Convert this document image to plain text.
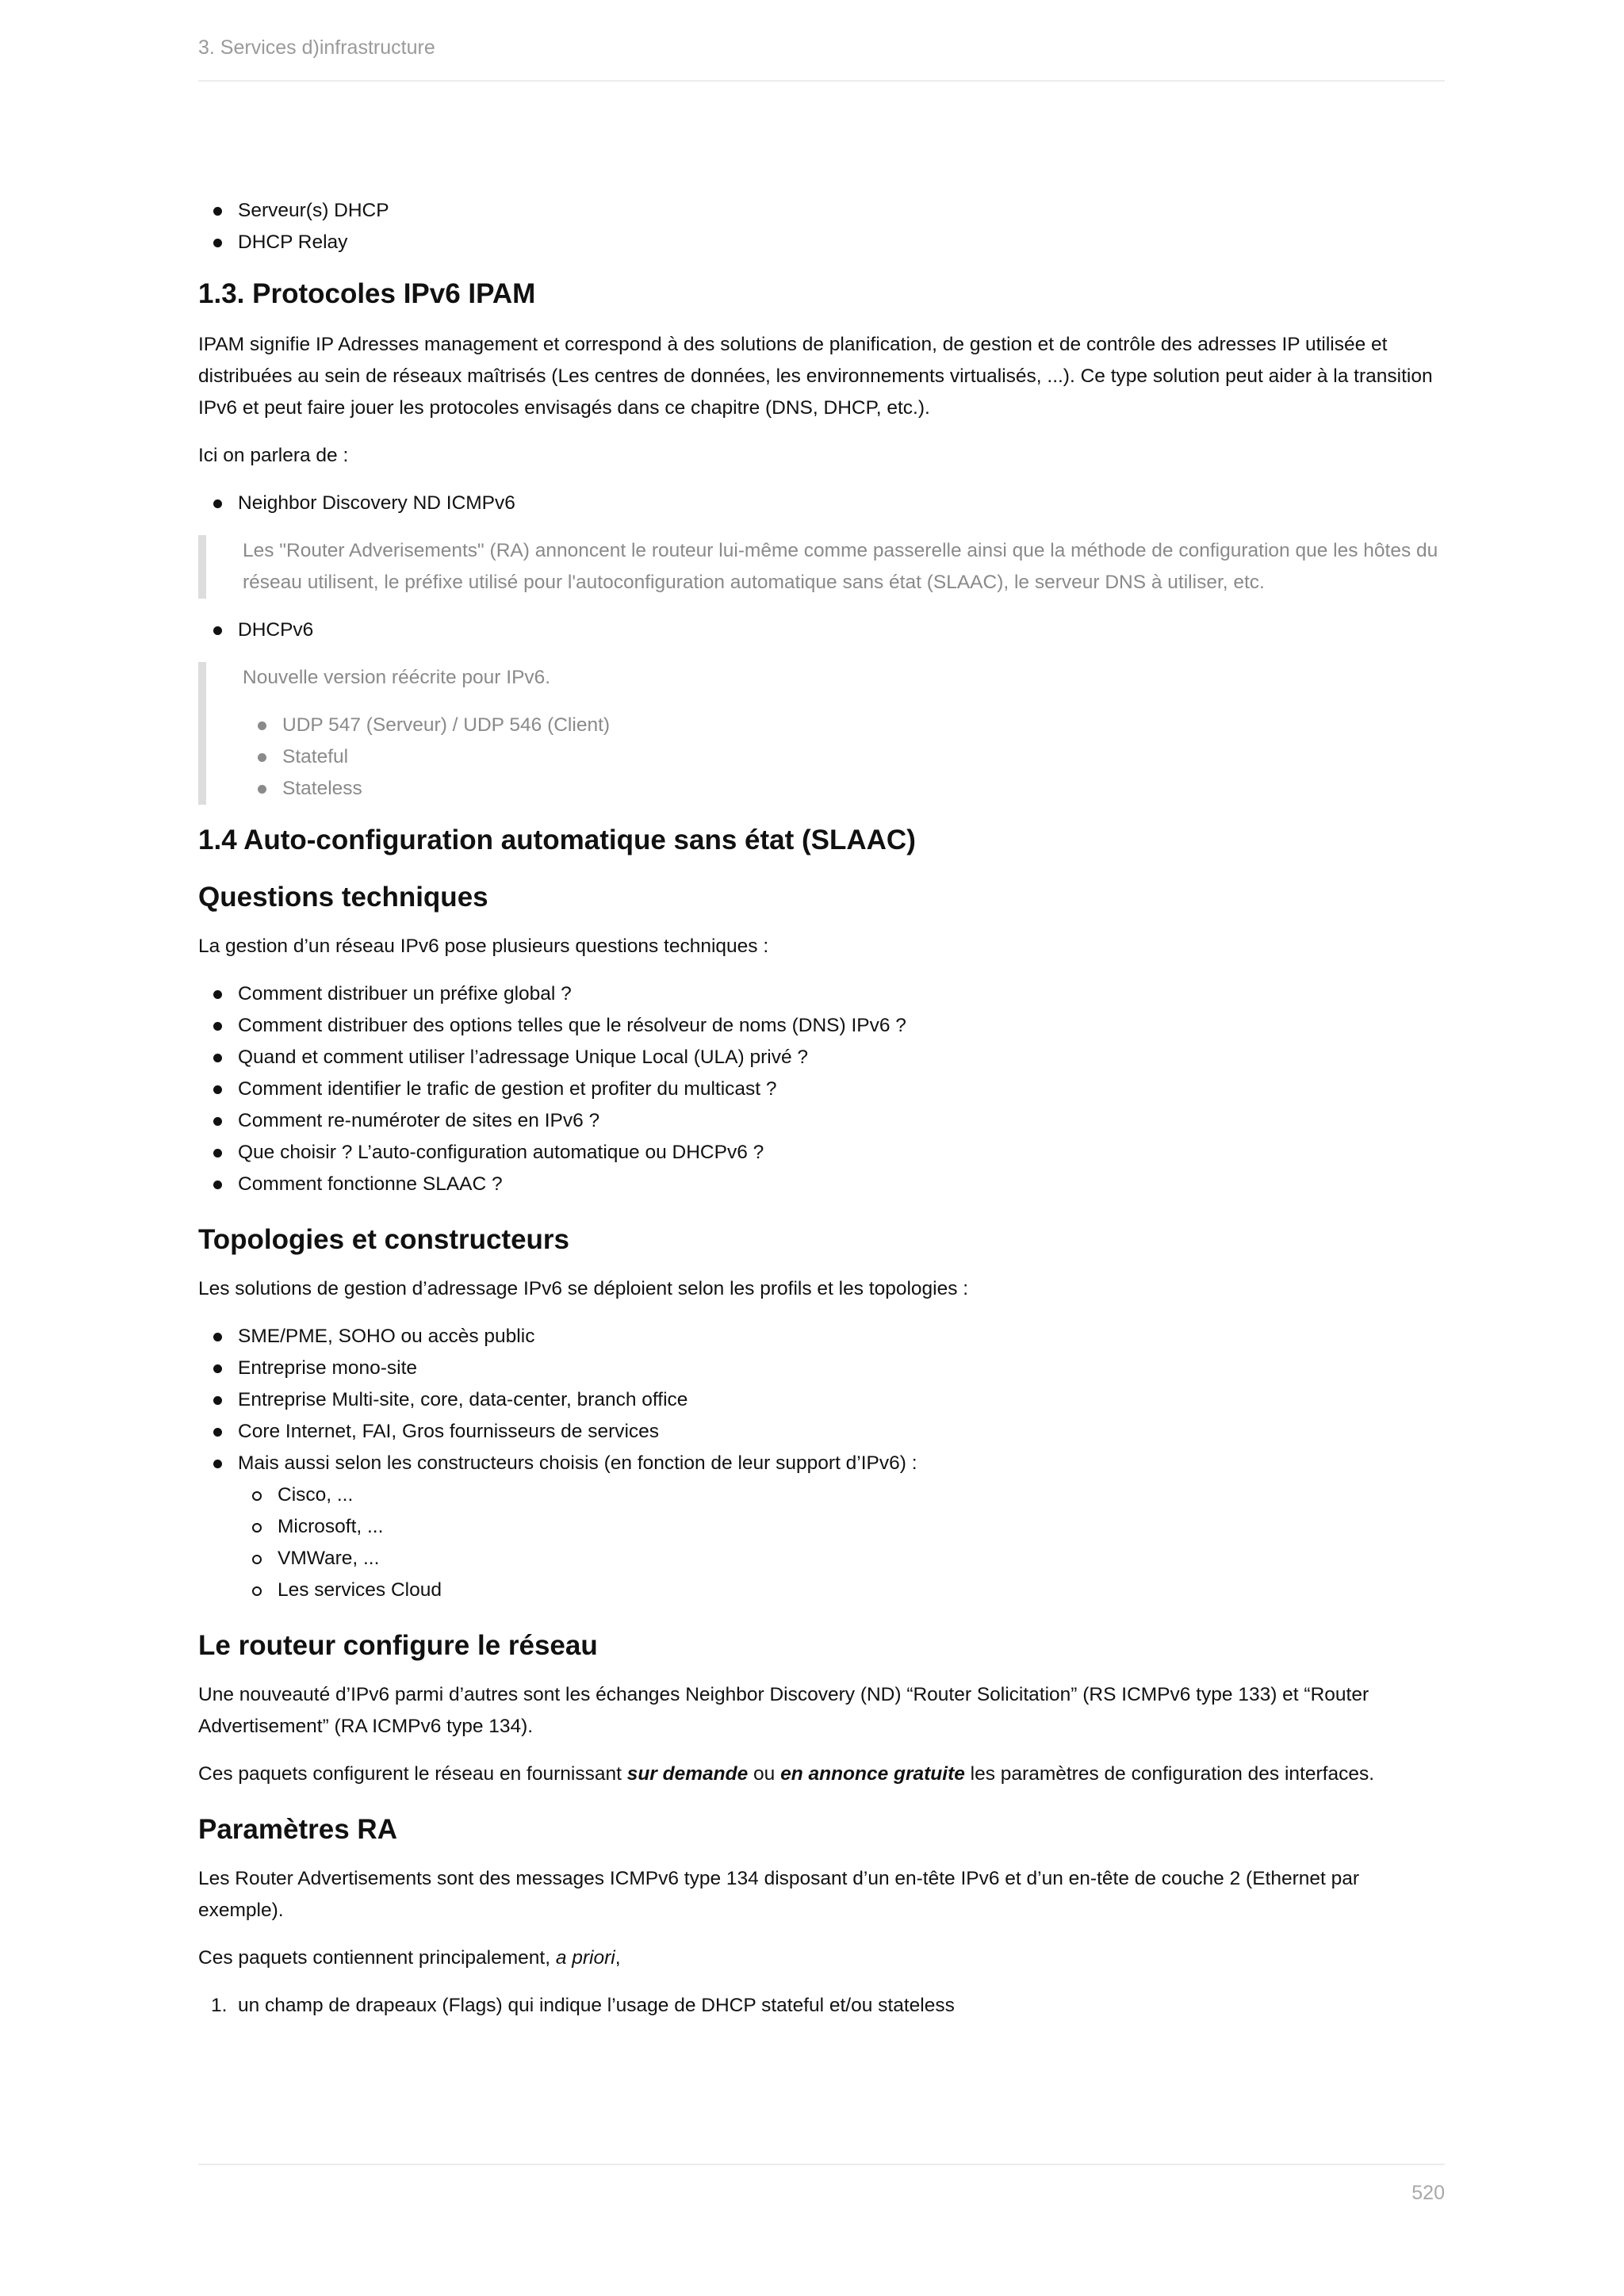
3. Services d)infrastructure
Serveur(s) DHCP
DHCP Relay
1.3. Protocoles IPv6 IPAM

IPAM signifie IP Adresses management et correspond à des solutions de planification, de gestion et de contrôle des adresses IP utilisée et distribuées au sein de réseaux maîtrisés (Les centres de données, les environnements virtualisés, ...). Ce type solution peut aider à la transition IPv6 et peut faire jouer les protocoles envisagés dans ce chapitre (DNS, DHCP, etc.).

Ici on parlera de :

Neighbor Discovery ND ICMPv6

Les "Router Adverisements" (RA) annoncent le routeur lui-même comme passerelle ainsi que la méthode de configuration que les hôtes du réseau utilisent, le préfixe utilisé pour l'autoconfiguration automatique sans état (SLAAC), le serveur DNS à utiliser, etc.

DHCPv6

Nouvelle version réécrite pour IPv6.

UDP 547 (Serveur) / UDP 546 (Client)
Stateful
Stateless
1.4 Auto-configuration automatique sans état (SLAAC)
Questions techniques

La gestion d’un réseau IPv6 pose plusieurs questions techniques :

Comment distribuer un préfixe global ?
Comment distribuer des options telles que le résolveur de noms (DNS) IPv6 ?
Quand et comment utiliser l’adressage Unique Local (ULA) privé ?
Comment identifier le trafic de gestion et profiter du multicast ?
Comment re-numéroter de sites en IPv6 ?
Que choisir ? L’auto-configuration automatique ou DHCPv6 ?
Comment fonctionne SLAAC ?
Topologies et constructeurs

Les solutions de gestion d’adressage IPv6 se déploient selon les profils et les topologies :

SME/PME, SOHO ou accès public
Entreprise mono-site
Entreprise Multi-site, core, data-center, branch office
Core Internet, FAI, Gros fournisseurs de services
Mais aussi selon les constructeurs choisis (en fonction de leur support d’IPv6) :
Cisco, ...
Microsoft, ...
VMWare, ...
Les services Cloud
Le routeur configure le réseau

Une nouveauté d’IPv6 parmi d’autres sont les échanges Neighbor Discovery (ND) “Router Solicitation” (RS ICMPv6 type 133) et “Router Advertisement” (RA ICMPv6 type 134).

Ces paquets configurent le réseau en fournissant sur demande ou en annonce gratuite les paramètres de configuration des interfaces.

Paramètres RA

Les Router Advertisements sont des messages ICMPv6 type 134 disposant d’un en-tête IPv6 et d’un en-tête de couche 2 (Ethernet par exemple).

Ces paquets contiennent principalement, a priori,

1. un champ de drapeaux (Flags) qui indique l’usage de DHCP stateful et/ou stateless
520
